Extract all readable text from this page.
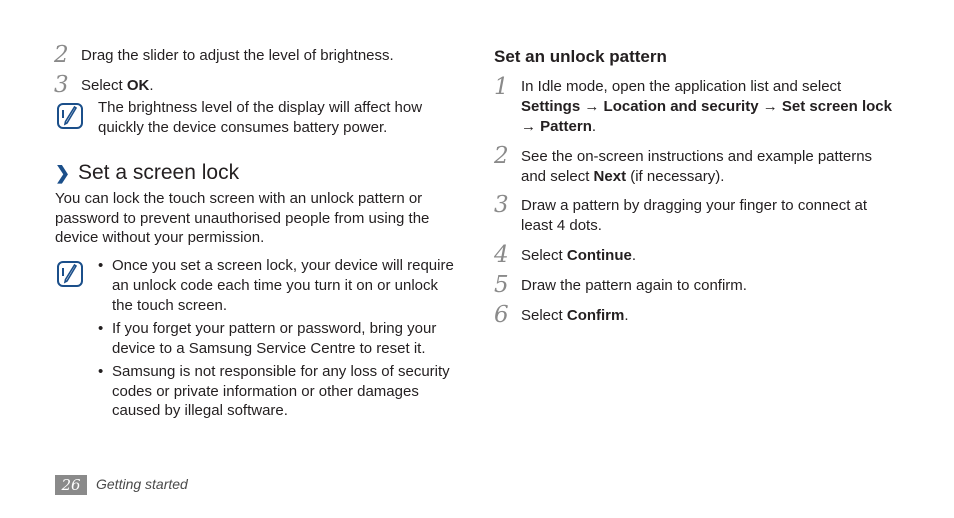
2 Drag the slider to adjust the level of brightness.
3 Select OK.
The brightness level of the display will affect how
quickly the device consumes battery power.
❯ Set a screen lock
You can lock the touch screen with an unlock pattern or
password to prevent unauthorised people from using the
device without your permission.
• Once you set a screen lock, your device will require
an unlock code each time you turn it on or unlock
the touch screen.
• If you forget your pattern or password, bring your
device to a Samsung Service Centre to reset it.
• Samsung is not responsible for any loss of security
codes or private information or other damages
caused by illegal software.
Set an unlock pattern
1 In Idle mode, open the application list and select
Settings → Location and security → Set screen lock
→ Pattern.
2 See the on-screen instructions and example patterns
and select Next (if necessary).
3 Draw a pattern by dragging your finger to connect at
least 4 dots.
4 Select Continue.
5 Draw the pattern again to confirm.
6 Select Confirm.
26	Getting started
